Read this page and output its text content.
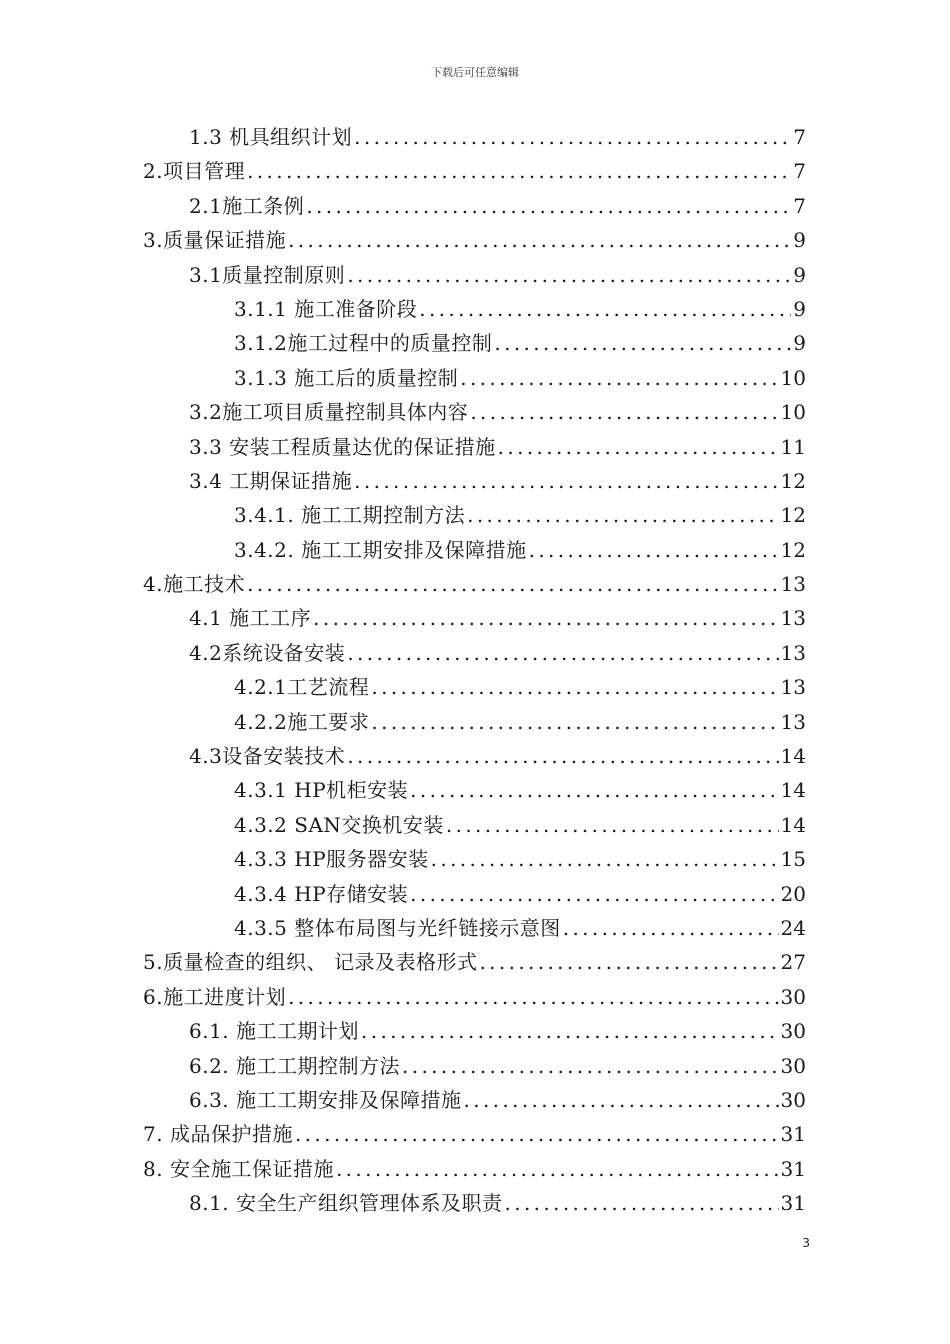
下载后可任意编辑
1.3 机具组织计划 . . .	7
2.项目管理 . . .	7
2.1施工条例 . . .	7
3.质量保证措施 . . .	9
3.1质量控制原则 . . .	9
3.1.1 施工准备阶段 . . .	9
3.1.2施工过程中的质量控制 . . .	9
3.1.3 施工后的质量控制 . . .	10
3.2施工项目质量控制具体内容 . . .	10
3.3 安装工程质量达优的保证措施 . . .	11
3.4 工期保证措施 . . .	12
3.4.1. 施工工期控制方法 . . .	12
3.4.2. 施工工期安排及保障措施 . . .	12
4.施工技术 . . .	13
4.1 施工工序 . . .	13
4.2系统设备安装 . . .	13
4.2.1工艺流程 . . .	13
4.2.2施工要求 . . .	13
4.3设备安装技术 . . .	14
4.3.1 HP机柜安装 . . .	14
4.3.2 SAN交换机安装 . . .	14
4.3.3 HP服务器安装 . . .	15
4.3.4 HP存储安装 . . .	20
4.3.5 整体布局图与光纤链接示意图 . . .	24
5.质量检查的组织、 记录及表格形式 . . .	27
6.施工进度计划 . . .	30
6.1. 施工工期计划 . . .	30
6.2. 施工工期控制方法 . . .	30
6.3. 施工工期安排及保障措施 . . .	30
7. 成品保护措施 . . .	31
8. 安全施工保证措施 . . .	31
8.1. 安全生产组织管理体系及职责 . . .	31
3
